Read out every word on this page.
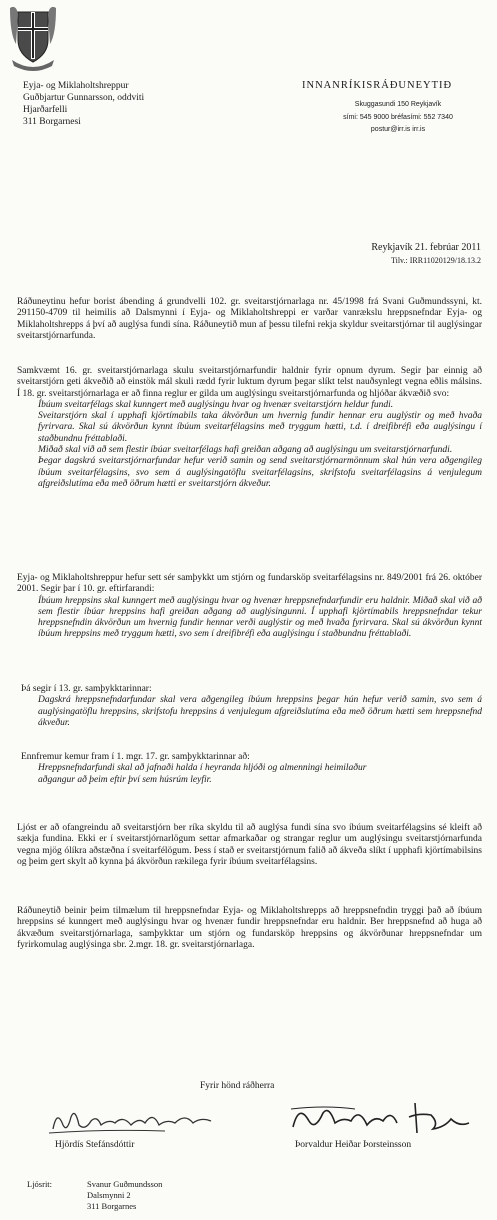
Eyja- og Miklaholtshreppur
Guðbjartur Gunnarsson, oddviti
Hjarðarfelli
311 Borgarnesi
INNANRÍKISRÁÐUNEYTIÐ
Skuggasundi 150 Reykjavík
sími: 545 9000 bréfasími: 552 7340
postur@irr.is irr.is
Reykjavík 21. febrúar 2011
Tilv.: IRR11020129/18.13.2

Ráðuneytinu hefur borist ábending á grundvelli 102. gr. sveitarstjórnarlaga nr. 45/1998 frá Svani Guðmundssyni, kt. 291150-4709 til heimilis að Dalsmynni í Eyja- og Miklaholtshreppi er varðar vanrækslu hreppsnefndar Eyja- og Miklaholtshrepps á því að auglýsa fundi sína. Ráðuneytið mun af þessu tilefni rekja skyldur sveitarstjórnar til auglýsingar sveitarstjórnarfunda.

Samkvæmt 16. gr. sveitarstjórnarlaga skulu sveitarstjórnarfundir haldnir fyrir opnum dyrum. Segir þar einnig að sveitarstjórn geti ákveðið að einstök mál skuli rædd fyrir luktum dyrum þegar slíkt telst nauðsynlegt vegna eðlis málsins. Í 18. gr. sveitarstjórnarlaga er að finna reglur er gilda um auglýsingu sveitarstjórnarfunda og hljóðar ákvæðið svo:

Íbúum sveitarfélags skal kunngert með auglýsingu hvar og hvenær sveitarstjórn heldur fundi.
Sveitarstjórn skal í upphafi kjörtímabils taka ákvörðun um hvernig fundir hennar eru auglýstir og með hvaða fyrirvara. Skal sú ákvörðun kynnt íbúum sveitarfélagsins með tryggum hætti, t.d. í dreifibréfi eða auglýsingu í staðbundnu fréttablaði.
Miðað skal við að sem flestir íbúar sveitarfélags hafi greiðan aðgang að auglýsingu um sveitarstjórnarfundi.
Þegar dagskrá sveitarstjórnarfundar hefur verið samin og send sveitarstjórnarmönnum skal hún vera aðgengileg íbúum sveitarfélagsins, svo sem á auglýsingatöflu sveitarfélagsins, skrifstofu sveitarfélagsins á venjulegum afgreiðslutíma eða með öðrum hætti er sveitarstjórn ákveður.

Eyja- og Miklaholtshreppur hefur sett sér samþykkt um stjórn og fundarsköp sveitarfélagsins nr. 849/2001 frá 26. október 2001. Segir þar í 10. gr. eftirfarandi:

Íbúum hreppsins skal kunngert með auglýsingu hvar og hvenær hreppsnefndarfundir eru haldnir. Miðað skal við að sem flestir íbúar hreppsins hafi greiðan aðgang að auglýsingunni. Í upphafi kjörtímabils hreppsnefndar tekur hreppsnefndin ákvörðun um hvernig fundir hennar verði auglýstir og með hvaða fyrirvara. Skal sú ákvörðun kynnt íbúum hreppsins með tryggum hætti, svo sem í dreifibréfi eða auglýsingu í staðbundnu fréttablaði.

Þá segir í 13. gr. samþykktarinnar:

Dagskrá hreppsnefndarfundar skal vera aðgengileg íbúum hreppsins þegar hún hefur verið samin, svo sem á auglýsingatöflu hreppsins, skrifstofu hreppsins á venjulegum afgreiðslutíma eða með öðrum hætti sem hreppsnefnd ákveður.

Ennfremur kemur fram í 1. mgr. 17. gr. samþykktarinnar að:

Hreppsnefndarfundi skal að jafnaði halda í heyranda hljóði og almenningi heimilaður
aðgangur að þeim eftir því sem húsrúm leyfir.

Ljóst er að ofangreindu að sveitarstjórn ber ríka skyldu til að auglýsa fundi sína svo íbúum sveitarfélagsins sé kleift að sækja fundina. Ekki er í sveitarstjórnarlögum settar afmarkaðar og strangar reglur um auglýsingu sveitarstjórnarfunda vegna mjög ólíkra aðstæðna í sveitarfélögum. Þess í stað er sveitarstjórnum falið að ákveða slíkt í upphafi kjörtímabilsins og þeim gert skylt að kynna þá ákvörðun rækilega fyrir íbúum sveitarfélagsins.

Ráðuneytið beinir þeim tilmælum til hreppsnefndar Eyja- og Miklaholtshrepps að hreppsnefndin tryggi það að íbúum hreppsins sé kunngert með auglýsingu hvar og hvenær fundir hreppsnefndar eru haldnir. Ber hreppsnefnd að huga að ákvæðum sveitarstjórnarlaga, samþykktar um stjórn og fundarsköp hreppsins og ákvörðunar hreppsnefndar um fyrirkomulag auglýsinga sbr. 2.mgr. 18. gr. sveitarstjórnarlaga.

Fyrir hönd ráðherra
Hjördís Stefánsdóttir	Þorvaldur Heiðar Þorsteinsson
Ljósrit:	Svanur Guðmundsson
Dalsmynni 2
311 Borgarnes
